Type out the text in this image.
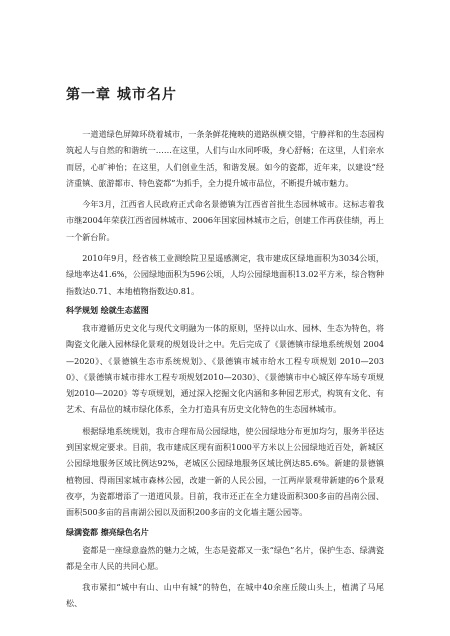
第一章 城市名片

一道道绿色屏障环绕着城市，一条条鲜花掩映的道路纵横交错，宁静祥和的生态园构筑起人与自然的和谐统一……在这里，人们与山水同呼吸，身心舒畅；在这里，人们亲水而居，心旷神怡；在这里，人们创业生活，和谐发展。如今的瓷都，近年来，以建设“经济重镇、旅游都市、特色瓷都”为抓手，全力提升城市品位，不断提升城市魅力。

今年3月，江西省人民政府正式命名景德镇为江西省首批生态园林城市。这标志着我市继2004年荣获江西省园林城市、2006年国家园林城市之后，创建工作再获佳绩，再上一个新台阶。

2010年9月，经省核工业测绘院卫星遥感测定，我市建成区绿地面积为3034公顷，绿地率达41.6%，公园绿地面积为596公顷，人均公园绿地面积13.02平方米，综合物种指数达0.71、本地植物指数达0.81。

科学规划 绘就生态蓝图

我市遵循历史文化与现代文明融为一体的原则，坚持以山水、园林、生态为特色，将陶瓷文化融入园林绿化景观的规划设计之中。先后完成了《景德镇市绿地系统规划 2004—2020》、《景德镇生态市系统规划》、《景德镇市城市给水工程专项规划 2010—2030》、《景德镇市城市排水工程专项规划2010—2030》、《景德镇市中心城区停车场专项规划2010—2020》等专项规划，通过深入挖掘文化内涵和多种园艺形式，构筑有文化、有艺术、有品位的城市绿化体系，全力打造具有历史文化特色的生态园林城市。

根据绿地系统规划，我市合理布局公园绿地，使公园绿地分布更加均匀，服务半径达到国家规定要求。目前，我市建成区现有面积1000平方米以上公园绿地近百处，新城区公园绿地服务区域比例达92%，老城区公园绿地服务区域比例达85.6%。新建的景德镇植物园、得雨国家城市森林公园，改建一新的人民公园，一江两岸景观带新建的6个景观夜亭，为瓷都增添了一道道风景。目前，我市还正在全力建设面积300多亩的昌南公园、面积500多亩的昌南湖公园以及面积200多亩的文化墙主题公园等。

绿满瓷都 擦亮绿色名片

瓷都是一座绿意盎然的魅力之城，生态是瓷都又一张“绿色”名片，保护生态、绿满瓷都是全市人民的共同心愿。

我市紧扣“城中有山、山中有城”的特色，在城中40余座丘陵山头上，植满了马尾松、
